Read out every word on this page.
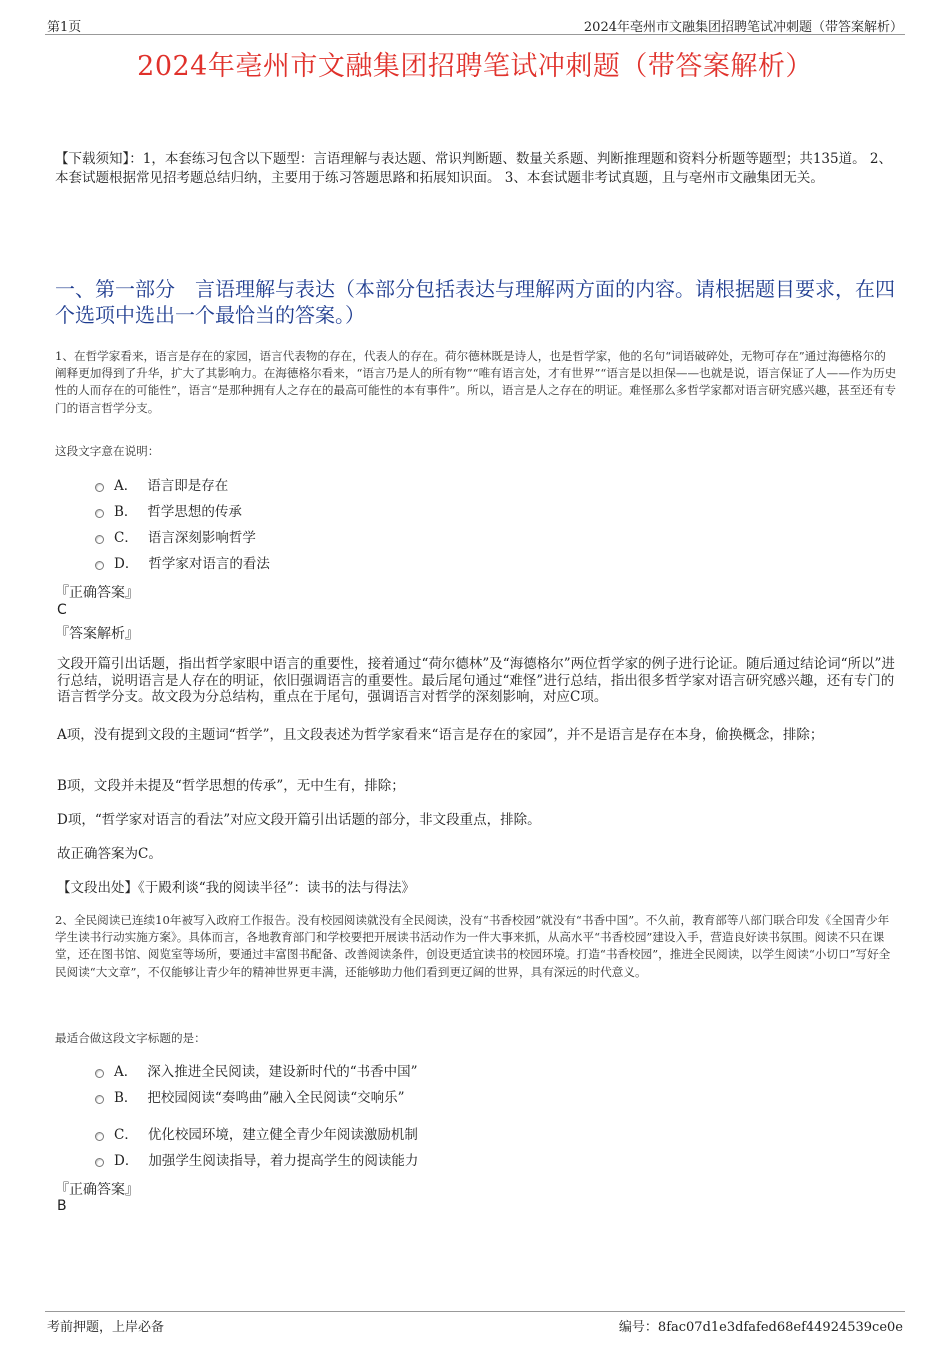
第1页	2024年亳州市文融集团招聘笔试冲刺题（带答案解析）
2024年亳州市文融集团招聘笔试冲刺题（带答案解析）
【下载须知】：1，本套练习包含以下题型：言语理解与表达题、常识判断题、数量关系题、判断推理题和资料分析题等题型；共135道。 2、本套试题根据常见招考题总结归纳，主要用于练习答题思路和拓展知识面。 3、本套试题非考试真题，且与亳州市文融集团无关。
一、第一部分　言语理解与表达（本部分包括表达与理解两方面的内容。请根据题目要求，在四个选项中选出一个最恰当的答案。）
1、在哲学家看来，语言是存在的家园，语言代表物的存在，代表人的存在。荷尔德林既是诗人，也是哲学家，他的名句“词语破碎处，无物可存在”通过海德格尔的阐释更加得到了升华，扩大了其影响力。在海德格尔看来，“语言乃是人的所有物”“唯有语言处，才有世界”“语言是以担保——也就是说，语言保证了人——作为历史性的人而存在的可能性”，语言“是那种拥有人之存在的最高可能性的本有事件”。所以，语言是人之存在的明证。难怪那么多哲学家都对语言研究感兴趣，甚至还有专门的语言哲学分支。
这段文字意在说明：
A． 语言即是存在
B． 哲学思想的传承
C． 语言深刻影响哲学
D． 哲学家对语言的看法
『正确答案』
C
『答案解析』
文段开篇引出话题，指出哲学家眼中语言的重要性，接着通过“荷尔德林”及“海德格尔”两位哲学家的例子进行论证。随后通过结论词“所以”进行总结，说明语言是人存在的明证，依旧强调语言的重要性。最后尾句通过“难怪”进行总结，指出很多哲学家对语言研究感兴趣，还有专门的语言哲学分支。故文段为分总结构，重点在于尾句，强调语言对哲学的深刻影响，对应C项。
A项，没有提到文段的主题词“哲学”，且文段表述为哲学家看来“语言是存在的家园”，并不是语言是存在本身，偷换概念，排除；
B项，文段并未提及“哲学思想的传承”，无中生有，排除；
D项，“哲学家对语言的看法”对应文段开篇引出话题的部分，非文段重点，排除。
故正确答案为C。
【文段出处】《于殿利谈“我的阅读半径”：读书的法与得法》
2、全民阅读已连续10年被写入政府工作报告。没有校园阅读就没有全民阅读，没有“书香校园”就没有“书香中国”。不久前，教育部等八部门联合印发《全国青少年学生读书行动实施方案》。具体而言，各地教育部门和学校要把开展读书活动作为一件大事来抓，从高水平“书香校园”建设入手，营造良好读书氛围。阅读不只在课堂，还在图书馆、阅览室等场所，要通过丰富图书配备、改善阅读条件，创设更适宜读书的校园环境。打造“书香校园”，推进全民阅读，以学生阅读“小切口”写好全民阅读“大文章”，不仅能够让青少年的精神世界更丰满，还能够助力他们看到更辽阔的世界，具有深远的时代意义。
最适合做这段文字标题的是：
A． 深入推进全民阅读，建设新时代的“书香中国”
B． 把校园阅读“奏鸣曲”融入全民阅读“交响乐”
C． 优化校园环境，建立健全青少年阅读激励机制
D． 加强学生阅读指导，着力提高学生的阅读能力
『正确答案』
B
考前押题，上岸必备	编号：8fac07d1e3dfafed68ef44924539ce0e
